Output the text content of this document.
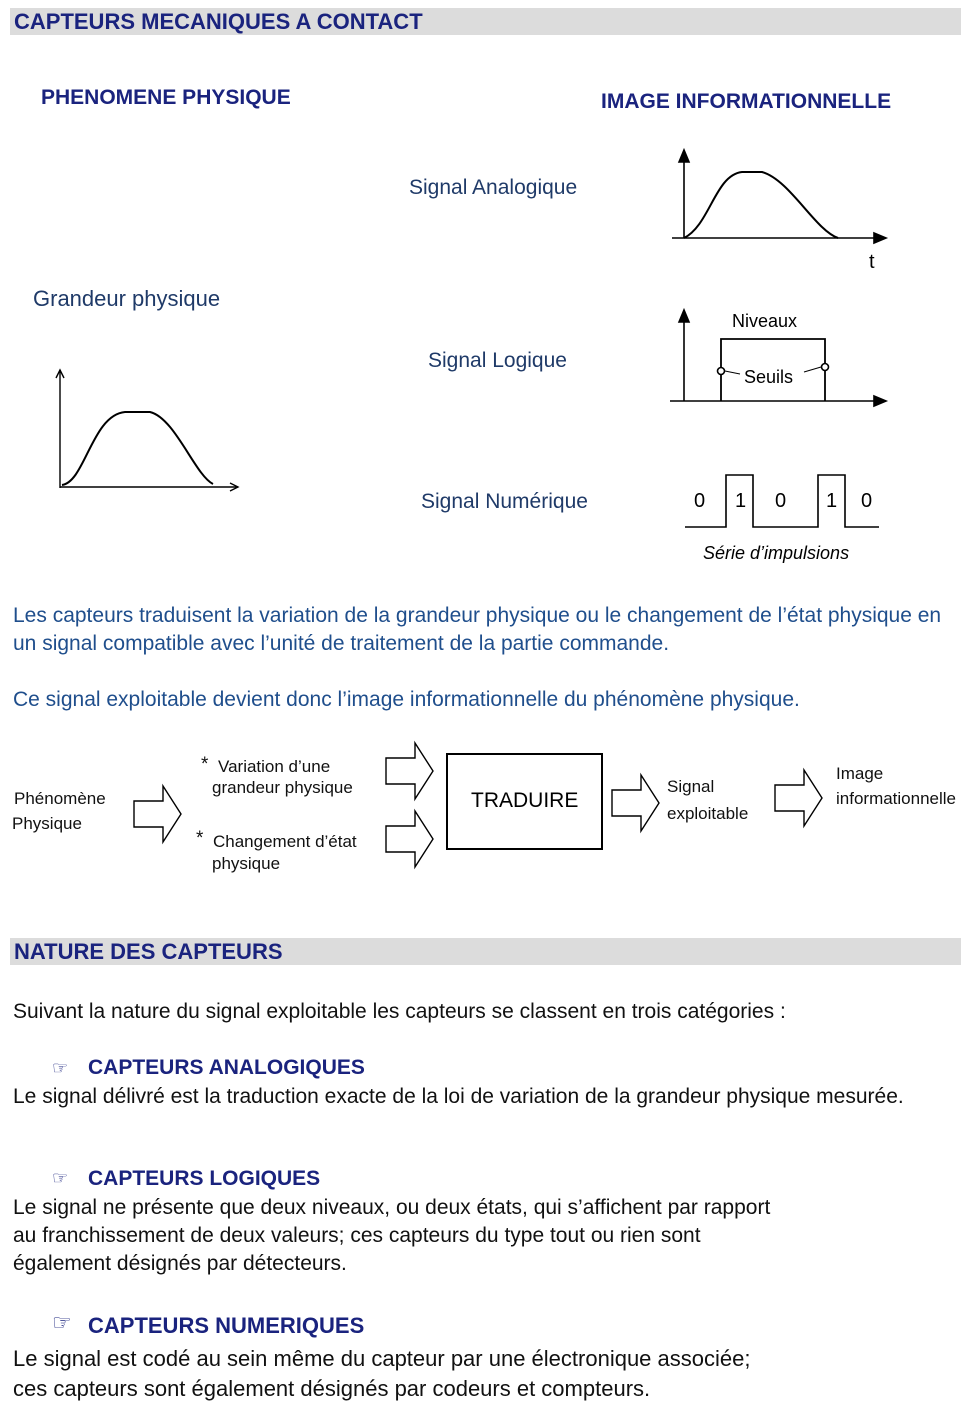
CAPTEURS MECANIQUES A CONTACT
PHENOMENE PHYSIQUE	IMAGE INFORMATIONNELLE
Grandeur physique
Signal Analogique
t
Signal Logique
Niveaux
Seuils
Signal Numérique	0 1 0 1 0
Série d’impulsions
Les capteurs traduisent la variation de la grandeur physique ou le changement de l’état physique en un signal compatible avec l’unité de traitement de la partie commande.
Ce signal exploitable devient donc l’image informationnelle du phénomène physique.
Phénomène
Physique
* Variation d’une
grandeur physique
* Changement d’état
physique
TRADUIRE
Signal
exploitable
Image
informationnelle
NATURE DES CAPTEURS
Suivant la nature du signal exploitable les capteurs se classent en trois catégories :
☞ CAPTEURS ANALOGIQUES
Le signal délivré est la traduction exacte de la loi de variation de la grandeur physique mesurée.
☞ CAPTEURS LOGIQUES
Le signal ne présente que deux niveaux, ou deux états, qui s’affichent par rapport
au franchissement de deux valeurs; ces capteurs du type tout ou rien sont
également désignés par détecteurs.
☞ CAPTEURS NUMERIQUES
Le signal est codé au sein même du capteur par une électronique associée;
ces capteurs sont également désignés par codeurs et compteurs.
